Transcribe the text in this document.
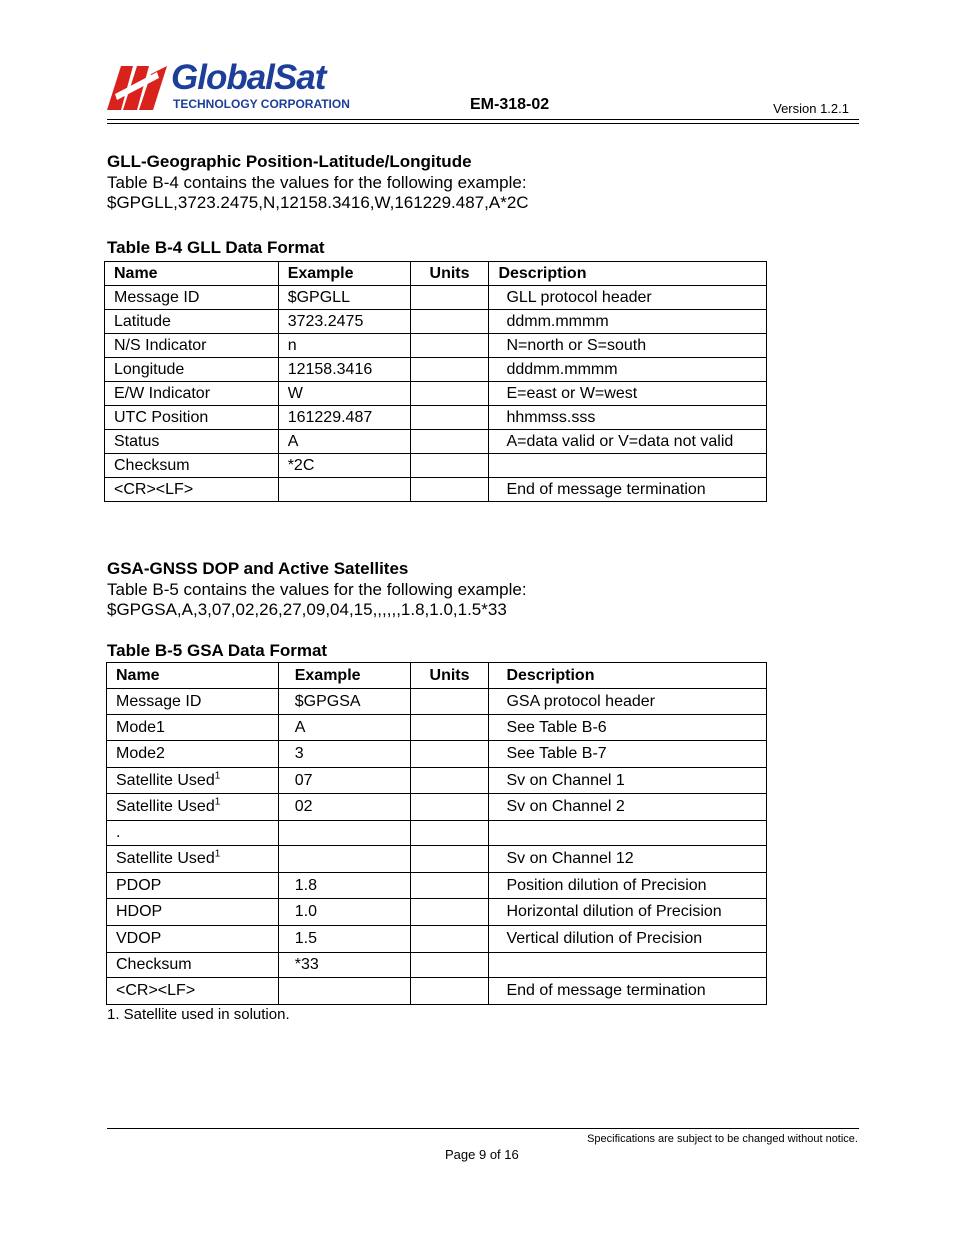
GlobalSat
TECHNOLOGY CORPORATION	EM-318-02	Version 1.2.1
GLL-Geographic Position-Latitude/Longitude
Table B-4 contains the values for the following example:
$GPGLL,3723.2475,N,12158.3416,W,161229.487,A*2C
Table B-4 GLL Data Format
Name	Example	Units	Description
Message ID	$GPGLL		GLL protocol header
Latitude	3723.2475		ddmm.mmmm
N/S Indicator	n		N=north or S=south
Longitude	12158.3416		dddmm.mmmm
E/W Indicator	W		E=east or W=west
UTC Position	161229.487		hhmmss.sss
Status	A		A=data valid or V=data not valid
Checksum	*2C		
<CR><LF>			End of message termination
GSA-GNSS DOP and Active Satellites
Table B-5 contains the values for the following example:
$GPGSA,A,3,07,02,26,27,09,04,15,,,,,,1.8,1.0,1.5*33
Table B-5 GSA Data Format
Name	Example	Units	Description
Message ID	$GPGSA		GSA protocol header
Mode1	A		See Table B-6
Mode2	3		See Table B-7
Satellite Used$^1$	07		Sv on Channel 1
Satellite Used$^1$	02		Sv on Channel 2
.			
Satellite Used$^1$			Sv on Channel 12
PDOP	1.8		Position dilution of Precision
HDOP	1.0		Horizontal dilution of Precision
VDOP	1.5		Vertical dilution of Precision
Checksum	*33		
<CR><LF>			End of message termination
1. Satellite used in solution.
Specifications are subject to be changed without notice.
Page 9 of 16
